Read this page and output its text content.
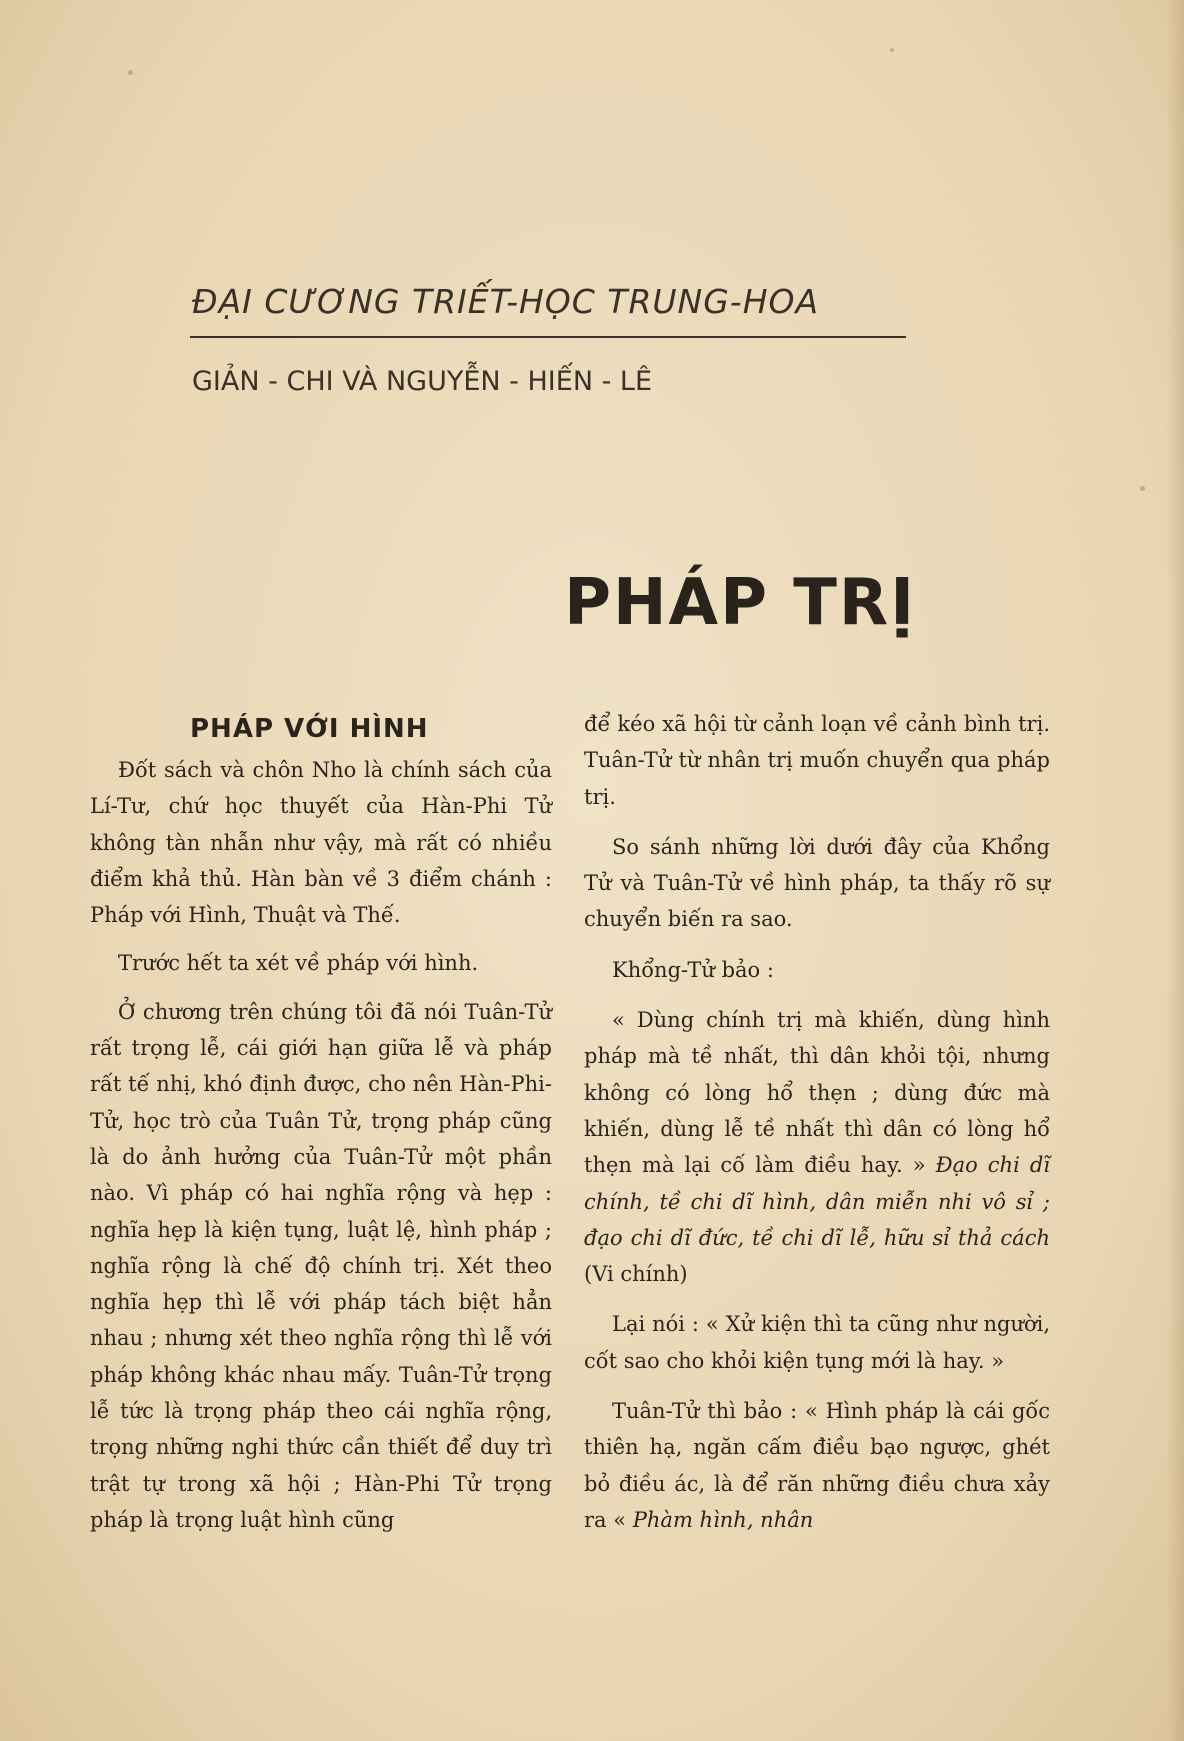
ĐẠI CƯƠNG TRIẾT-HỌC TRUNG-HOA
GIẢN - CHI VÀ NGUYỄN - HIẾN - LÊ
PHÁP TRỊ
PHÁP VỚI HÌNH

Đốt sách và chôn Nho là chính sách của Lí-Tư, chứ học thuyết của Hàn-Phi Tử không tàn nhẫn như vậy, mà rất có nhiều điểm khả thủ. Hàn bàn về 3 điểm chánh : Pháp với Hình, Thuật và Thế.

Trước hết ta xét về pháp với hình.

Ở chương trên chúng tôi đã nói Tuân-Tử rất trọng lễ, cái giới hạn giữa lễ và pháp rất tế nhị, khó định được, cho nên Hàn-Phi-Tử, học trò của Tuân Tử, trọng pháp cũng là do ảnh hưởng của Tuân-Tử một phần nào. Vì pháp có hai nghĩa rộng và hẹp : nghĩa hẹp là kiện tụng, luật lệ, hình pháp ; nghĩa rộng là chế độ chính trị. Xét theo nghĩa hẹp thì lễ với pháp tách biệt hẳn nhau ; nhưng xét theo nghĩa rộng thì lễ với pháp không khác nhau mấy. Tuân-Tử trọng lễ tức là trọng pháp theo cái nghĩa rộng, trọng những nghi thức cần thiết để duy trì trật tự trong xã hội ; Hàn-Phi Tử trọng pháp là trọng luật hình cũng

để kéo xã hội từ cảnh loạn về cảnh bình trị. Tuân-Tử từ nhân trị muốn chuyển qua pháp trị.

So sánh những lời dưới đây của Khổng Tử và Tuân-Tử về hình pháp, ta thấy rõ sự chuyển biến ra sao.

Khổng-Tử bảo :

« Dùng chính trị mà khiến, dùng hình pháp mà tề nhất, thì dân khỏi tội, nhưng không có lòng hổ thẹn ; dùng đức mà khiến, dùng lễ tề nhất thì dân có lòng hổ thẹn mà lại cố làm điều hay. » Đạo chi dĩ chính, tề chi dĩ hình, dân miễn nhi vô sỉ ; đạo chi dĩ đức, tề chi dĩ lễ, hữu sỉ thả cách (Vi chính)

Lại nói : « Xử kiện thì ta cũng như người, cốt sao cho khỏi kiện tụng mới là hay. »

Tuân-Tử thì bảo : « Hình pháp là cái gốc thiên hạ, ngăn cấm điều bạo ngược, ghét bỏ điều ác, là để răn những điều chưa xảy ra « Phàm hình, nhân
